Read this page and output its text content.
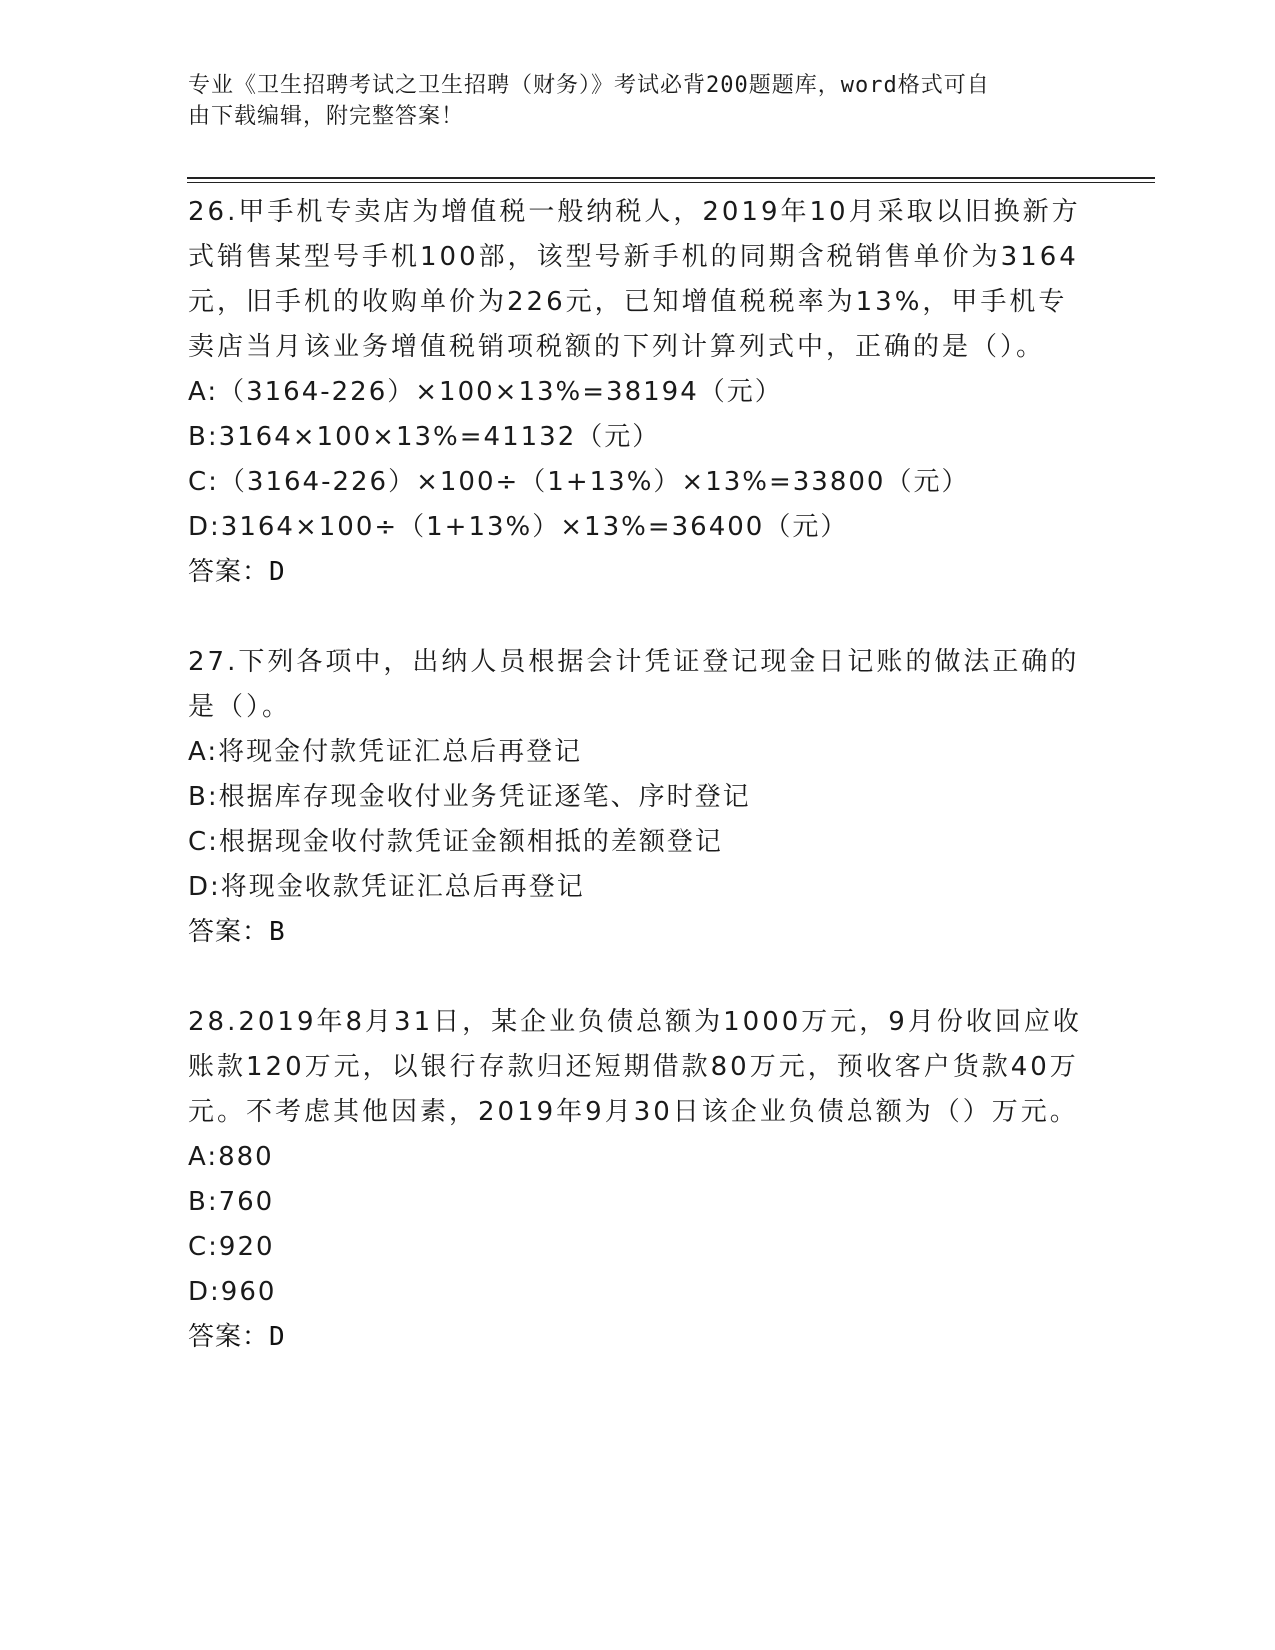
专业《卫生招聘考试之卫生招聘（财务）》考试必背200题题库，word格式可自
由下载编辑，附完整答案！

26.甲手机专卖店为增值税一般纳税人，2019年10月采取以旧换新方式销售某型号手机100部，该型号新手机的同期含税销售单价为3164元，旧手机的收购单价为226元，已知增值税税率为13%，甲手机专卖店当月该业务增值税销项税额的下列计算列式中，正确的是（）。

A:（3164-226）×100×13%=38194（元）

B:3164×100×13%=41132（元）

C:（3164-226）×100÷（1+13%）×13%=33800（元）

D:3164×100÷（1+13%）×13%=36400（元）

答案：D

27.下列各项中，出纳人员根据会计凭证登记现金日记账的做法正确的是（）。

A:将现金付款凭证汇总后再登记

B:根据库存现金收付业务凭证逐笔、序时登记

C:根据现金收付款凭证金额相抵的差额登记

D:将现金收款凭证汇总后再登记

答案：B

28.2019年8月31日，某企业负债总额为1000万元，9月份收回应收账款120万元，以银行存款归还短期借款80万元，预收客户货款40万元。不考虑其他因素，2019年9月30日该企业负债总额为（）万元。

A:880

B:760

C:920

D:960

答案：D
